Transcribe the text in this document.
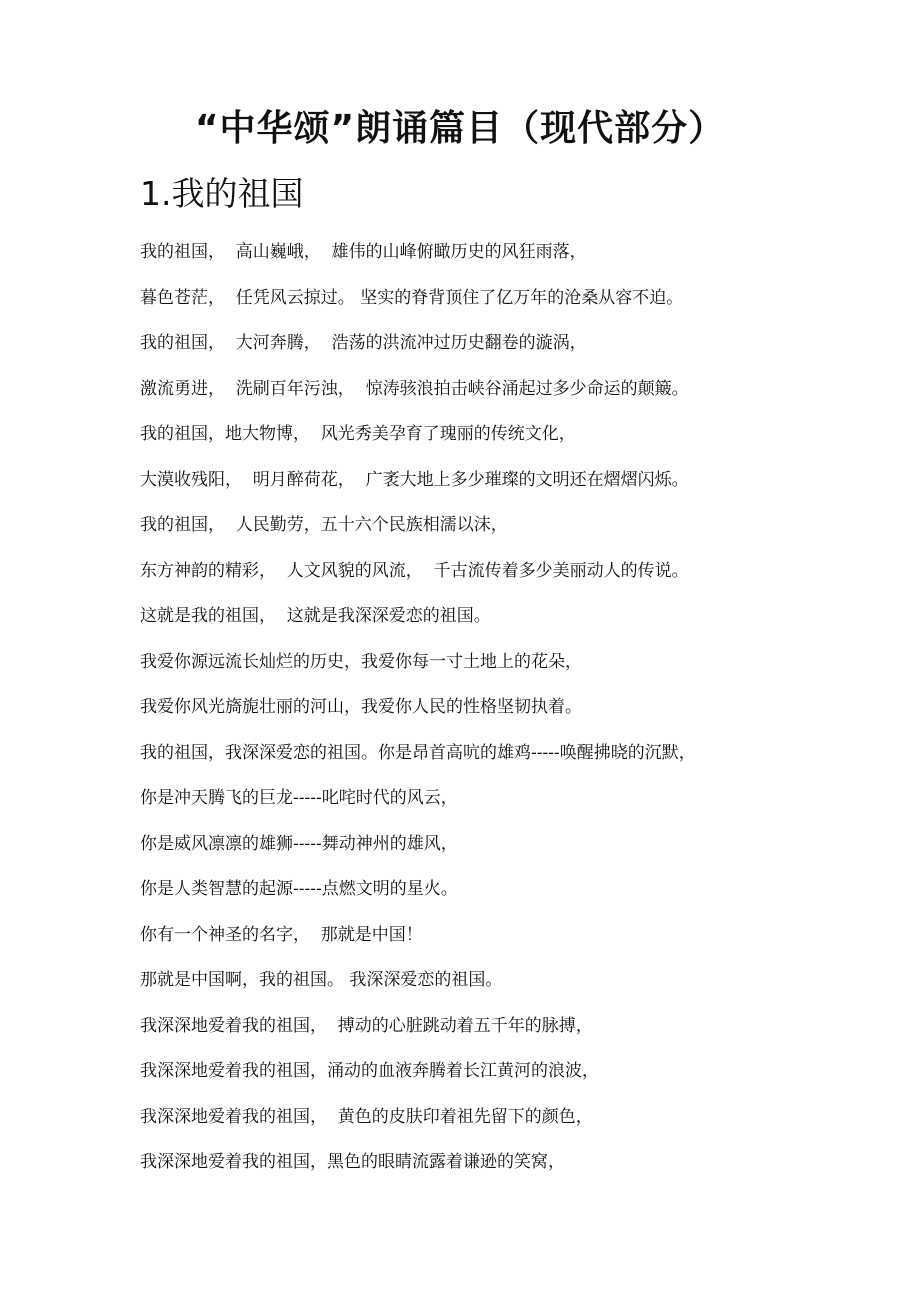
“中华颂”朗诵篇目（现代部分）
1.我的祖国
我的祖国，  高山巍峨，  雄伟的山峰俯瞰历史的风狂雨落，
暮色苍茫，  任凭风云掠过。 坚实的脊背顶住了亿万年的沧桑从容不迫。
我的祖国，  大河奔腾，  浩荡的洪流冲过历史翻卷的漩涡，
激流勇进，  洗刷百年污浊，  惊涛骇浪拍击峡谷涌起过多少命运的颠簸。
我的祖国，地大物博，  风光秀美孕育了瑰丽的传统文化，
大漠收残阳，  明月醉荷花，  广袤大地上多少璀璨的文明还在熠熠闪烁。
我的祖国，  人民勤劳，五十六个民族相濡以沫，
东方神韵的精彩，  人文风貌的风流，  千古流传着多少美丽动人的传说。
这就是我的祖国，  这就是我深深爱恋的祖国。
我爱你源远流长灿烂的历史，我爱你每一寸土地上的花朵，
我爱你风光旖旎壮丽的河山，我爱你人民的性格坚韧执着。
我的祖国，我深深爱恋的祖国。你是昂首高吭的雄鸡-----唤醒拂晓的沉默，
你是冲天腾飞的巨龙-----叱咤时代的风云，
你是威风凛凛的雄狮-----舞动神州的雄风，
你是人类智慧的起源-----点燃文明的星火。
你有一个神圣的名字，  那就是中国！
那就是中国啊，我的祖国。 我深深爱恋的祖国。
我深深地爱着我的祖国，  搏动的心脏跳动着五千年的脉搏，
我深深地爱着我的祖国，涌动的血液奔腾着长江黄河的浪波，
我深深地爱着我的祖国，  黄色的皮肤印着祖先留下的颜色，
我深深地爱着我的祖国，黑色的眼睛流露着谦逊的笑窝，
